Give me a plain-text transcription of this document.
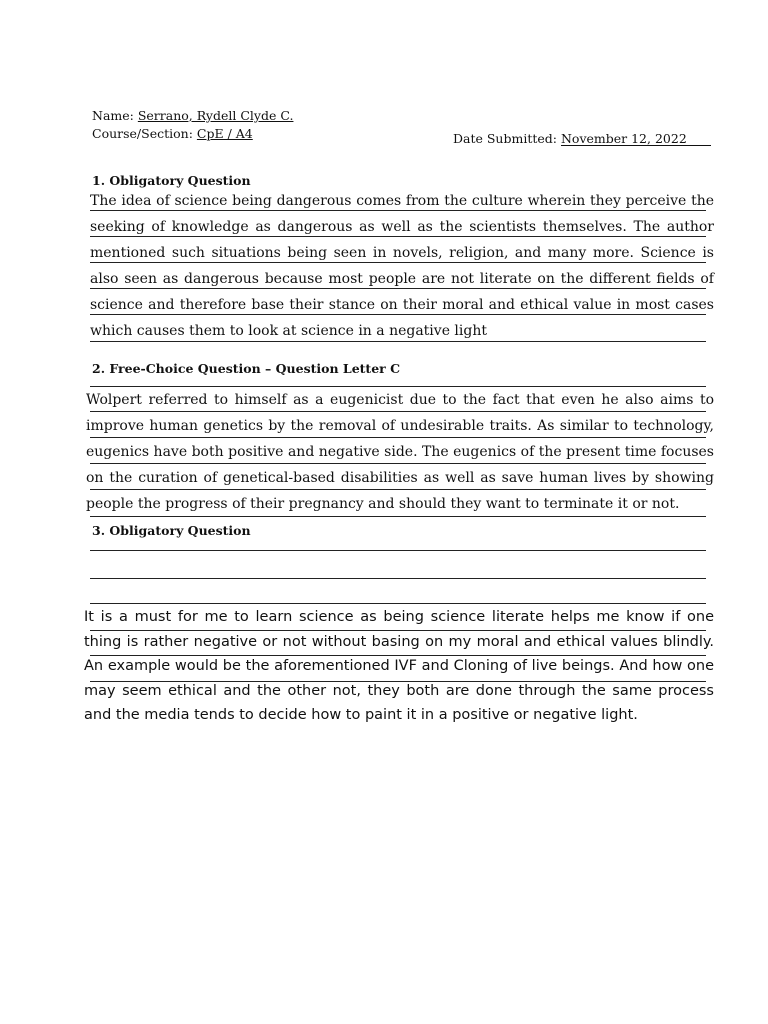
Name: Serrano, Rydell Clyde C.
Course/Section: CpE / A4	Date Submitted: November 12, 2022
1. Obligatory Question

The idea of science being dangerous comes from the culture wherein they perceive the seeking of knowledge as dangerous as well as the scientists themselves. The author mentioned such situations being seen in novels, religion, and many more. Science is also seen as dangerous because most people are not literate on the different fields of science and therefore base their stance on their moral and ethical value in most cases which causes them to look at science in a negative light

2. Free-Choice Question – Question Letter C

Wolpert referred to himself as a eugenicist due to the fact that even he also aims to improve human genetics by the removal of undesirable traits. As similar to technology, eugenics have both positive and negative side. The eugenics of the present time focuses on the curation of genetical-based disabilities as well as save human lives by showing people the progress of their pregnancy and should they want to terminate it or not.

3. Obligatory Question

It is a must for me to learn science as being science literate helps me know if one thing is rather negative or not without basing on my moral and ethical values blindly. An example would be the aforementioned IVF and Cloning of live beings. And how one may seem ethical and the other not, they both are done through the same process and the media tends to decide how to paint it in a positive or negative light.
